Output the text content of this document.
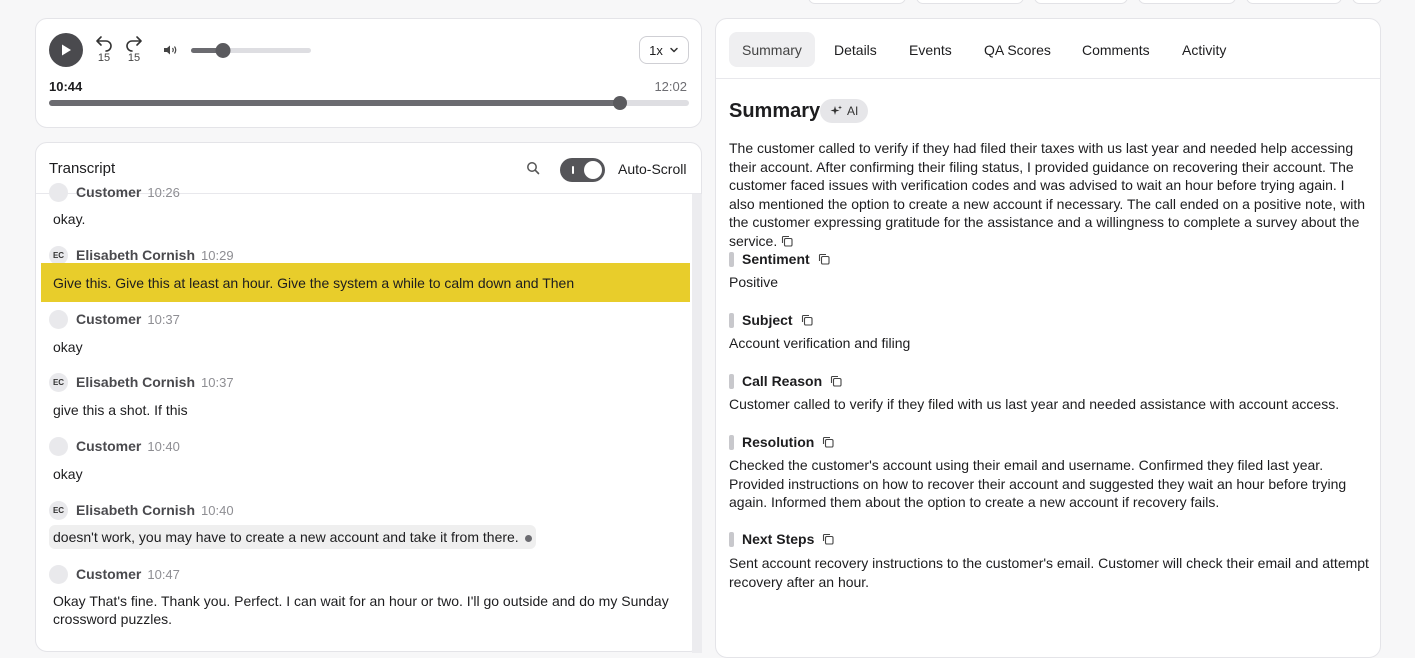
15	15
1x
10:44	12:02
Transcript	Auto-Scroll
Customer 10:26
okay.
EC Elisabeth Cornish 10:29
Give this. Give this at least an hour. Give the system a while to calm down and Then
Customer 10:37
okay
EC Elisabeth Cornish 10:37
give this a shot. If this
Customer 10:40
okay
EC Elisabeth Cornish 10:40
doesn't work, you may have to create a new account and take it from there.
Customer 10:47
Okay That's fine. Thank you. Perfect. I can wait for an hour or two. I'll go outside and do my Sunday crossword puzzles.
Summary	Details	Events	QA Scores	Comments	Activity
Summary AI
The customer called to verify if they had filed their taxes with us last year and needed help accessing their account. After confirming their filing status, I provided guidance on recovering their account. The customer faced issues with verification codes and was advised to wait an hour before trying again. I also mentioned the option to create a new account if necessary. The call ended on a positive note, with the customer expressing gratitude for the assistance and a willingness to complete a survey about the service.
Sentiment
Positive
Subject
Account verification and filing
Call Reason
Customer called to verify if they filed with us last year and needed assistance with account access.
Resolution
Checked the customer's account using their email and username. Confirmed they filed last year. Provided instructions on how to recover their account and suggested they wait an hour before trying again. Informed them about the option to create a new account if recovery fails.
Next Steps
Sent account recovery instructions to the customer's email. Customer will check their email and attempt recovery after an hour.
